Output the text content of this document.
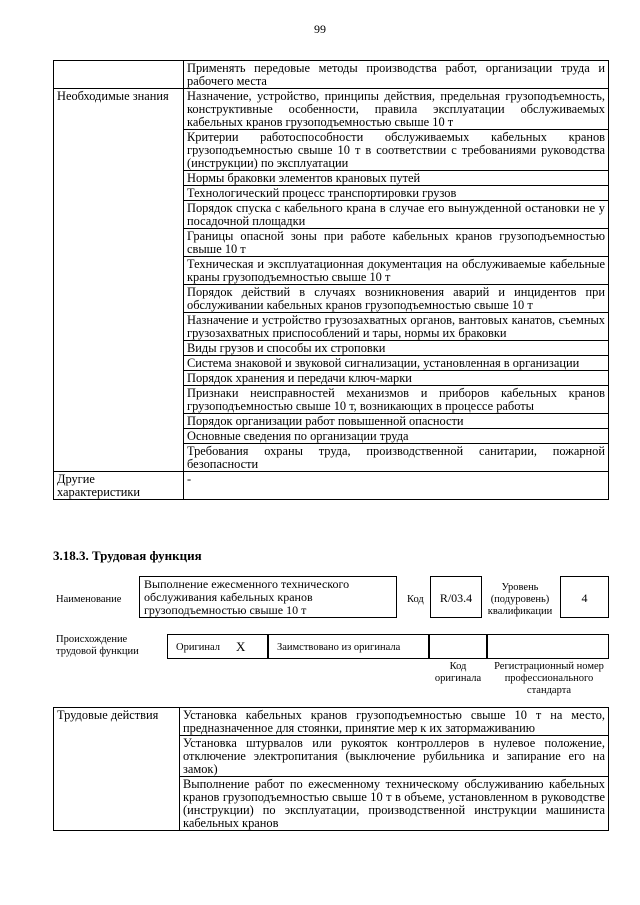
99
	Применять передовые методы производства работ, организации труда и рабочего места
Необходимые знания	Назначение, устройство, принципы действия, предельная грузоподъемность, конструктивные особенности, правила эксплуатации обслуживаемых кабельных кранов грузоподъемностью свыше 10 т
	Критерии работоспособности обслуживаемых кабельных кранов грузоподъемностью свыше 10 т в соответствии с требованиями руководства (инструкции) по эксплуатации
	Нормы браковки элементов крановых путей
	Технологический процесс транспортировки грузов
	Порядок спуска с кабельного крана в случае его вынужденной остановки не у посадочной площадки
	Границы опасной зоны при работе кабельных кранов грузоподъемностью свыше 10 т
	Техническая и эксплуатационная документация на обслуживаемые кабельные краны грузоподъемностью свыше 10 т
	Порядок действий в случаях возникновения аварий и инцидентов при обслуживании кабельных кранов грузоподъемностью свыше 10 т
	Назначение и устройство грузозахватных органов, вантовых канатов, съемных грузозахватных приспособлений и тары, нормы их браковки
	Виды грузов и способы их строповки
	Система знаковой и звуковой сигнализации, установленная в организации
	Порядок хранения и передачи ключ-марки
	Признаки неисправностей механизмов и приборов кабельных кранов грузоподъемностью свыше 10 т, возникающих в процессе работы
	Порядок организации работ повышенной опасности
	Основные сведения по организации труда
	Требования охраны труда, производственной санитарии, пожарной безопасности
Другие характеристики	-
3.18.3. Трудовая функция
Наименование
Выполнение ежесменного технического обслуживания кабельных кранов грузоподъемностью свыше 10 т
Код	R/03.4
Уровень (подуровень) квалификации
4
Происхождение трудовой функции	Оригинал X	Заимствовано из оригинала
Код оригинала
Регистрационный номер профессионального стандарта
Трудовые действия	Установка кабельных кранов грузоподъемностью свыше 10 т на место, предназначенное для стоянки, принятие мер к их затормаживанию
Установка штурвалов или рукояток контроллеров в нулевое положение, отключение электропитания (выключение рубильника и запирание его на замок)
Выполнение работ по ежесменному техническому обслуживанию кабельных кранов грузоподъемностью свыше 10 т в объеме, установленном в руководстве (инструкции) по эксплуатации, производственной инструкции машиниста кабельных кранов
